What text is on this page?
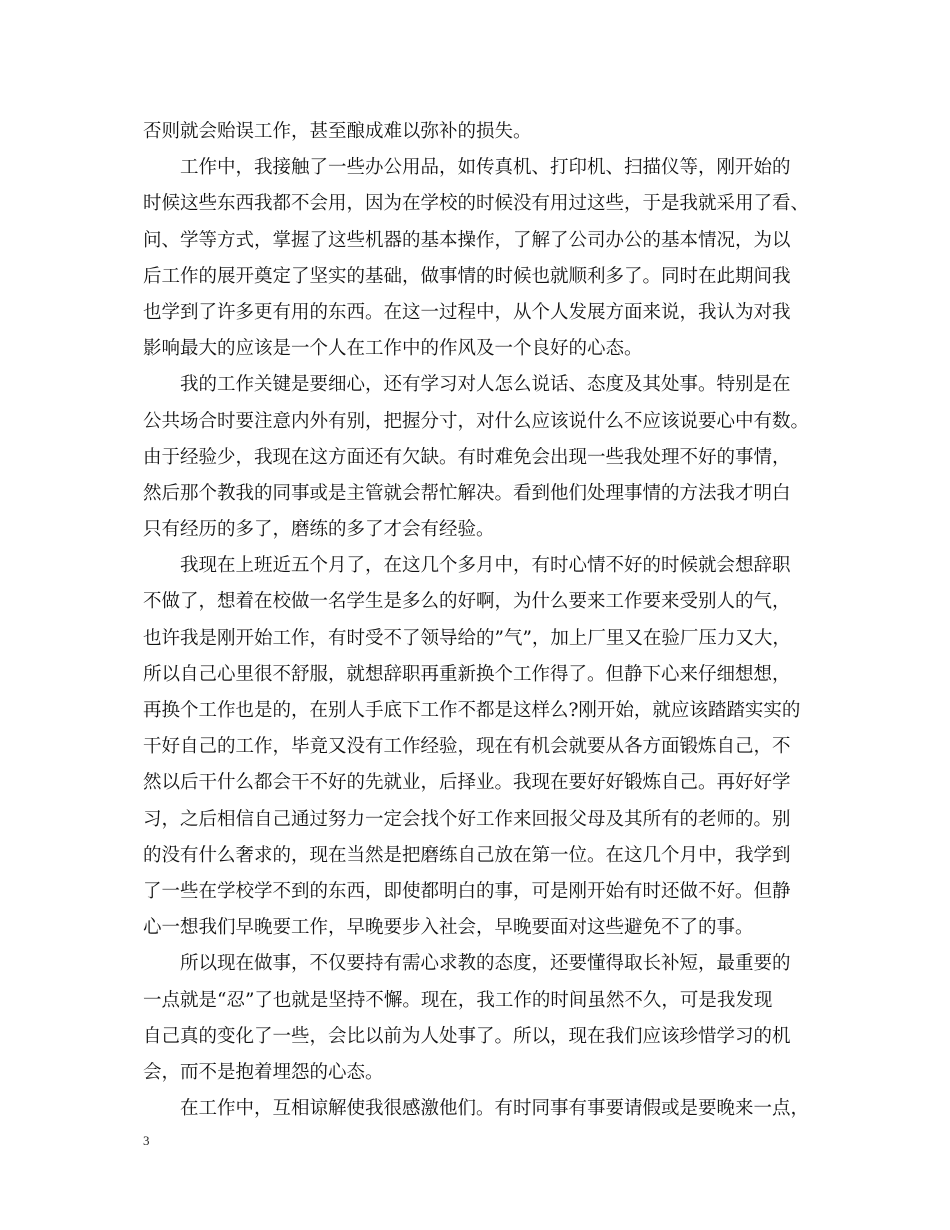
否则就会贻误工作，甚至酿成难以弥补的损失。
工作中，我接触了一些办公用品，如传真机、打印机、扫描仪等，刚开始的
时候这些东西我都不会用，因为在学校的时候没有用过这些，于是我就采用了看、
问、学等方式，掌握了这些机器的基本操作，了解了公司办公的基本情况，为以
后工作的展开奠定了坚实的基础，做事情的时候也就顺利多了。同时在此期间我
也学到了许多更有用的东西。在这一过程中，从个人发展方面来说，我认为对我
影响最大的应该是一个人在工作中的作风及一个良好的心态。
我的工作关键是要细心，还有学习对人怎么说话、态度及其处事。特别是在
公共场合时要注意内外有别，把握分寸，对什么应该说什么不应该说要心中有数。
由于经验少，我现在这方面还有欠缺。有时难免会出现一些我处理不好的事情，
然后那个教我的同事或是主管就会帮忙解决。看到他们处理事情的方法我才明白
只有经历的多了，磨练的多了才会有经验。
我现在上班近五个月了，在这几个多月中，有时心情不好的时候就会想辞职
不做了，想着在校做一名学生是多么的好啊，为什么要来工作要来受别人的气，
也许我是刚开始工作，有时受不了领导给的”气”，加上厂里又在验厂压力又大，
所以自己心里很不舒服，就想辞职再重新换个工作得了。但静下心来仔细想想，
再换个工作也是的，在别人手底下工作不都是这样么?刚开始，就应该踏踏实实的
干好自己的工作，毕竟又没有工作经验，现在有机会就要从各方面锻炼自己，不
然以后干什么都会干不好的先就业，后择业。我现在要好好锻炼自己。再好好学
习，之后相信自己通过努力一定会找个好工作来回报父母及其所有的老师的。别
的没有什么奢求的，现在当然是把磨练自己放在第一位。在这几个月中，我学到
了一些在学校学不到的东西，即使都明白的事，可是刚开始有时还做不好。但静
心一想我们早晚要工作，早晚要步入社会，早晚要面对这些避免不了的事。
所以现在做事，不仅要持有需心求教的态度，还要懂得取长补短，最重要的
一点就是“忍”了也就是坚持不懈。现在，我工作的时间虽然不久，可是我发现
自己真的变化了一些，会比以前为人处事了。所以，现在我们应该珍惜学习的机
会，而不是抱着埋怨的心态。
在工作中，互相谅解使我很感激他们。有时同事有事要请假或是要晚来一点，
3
